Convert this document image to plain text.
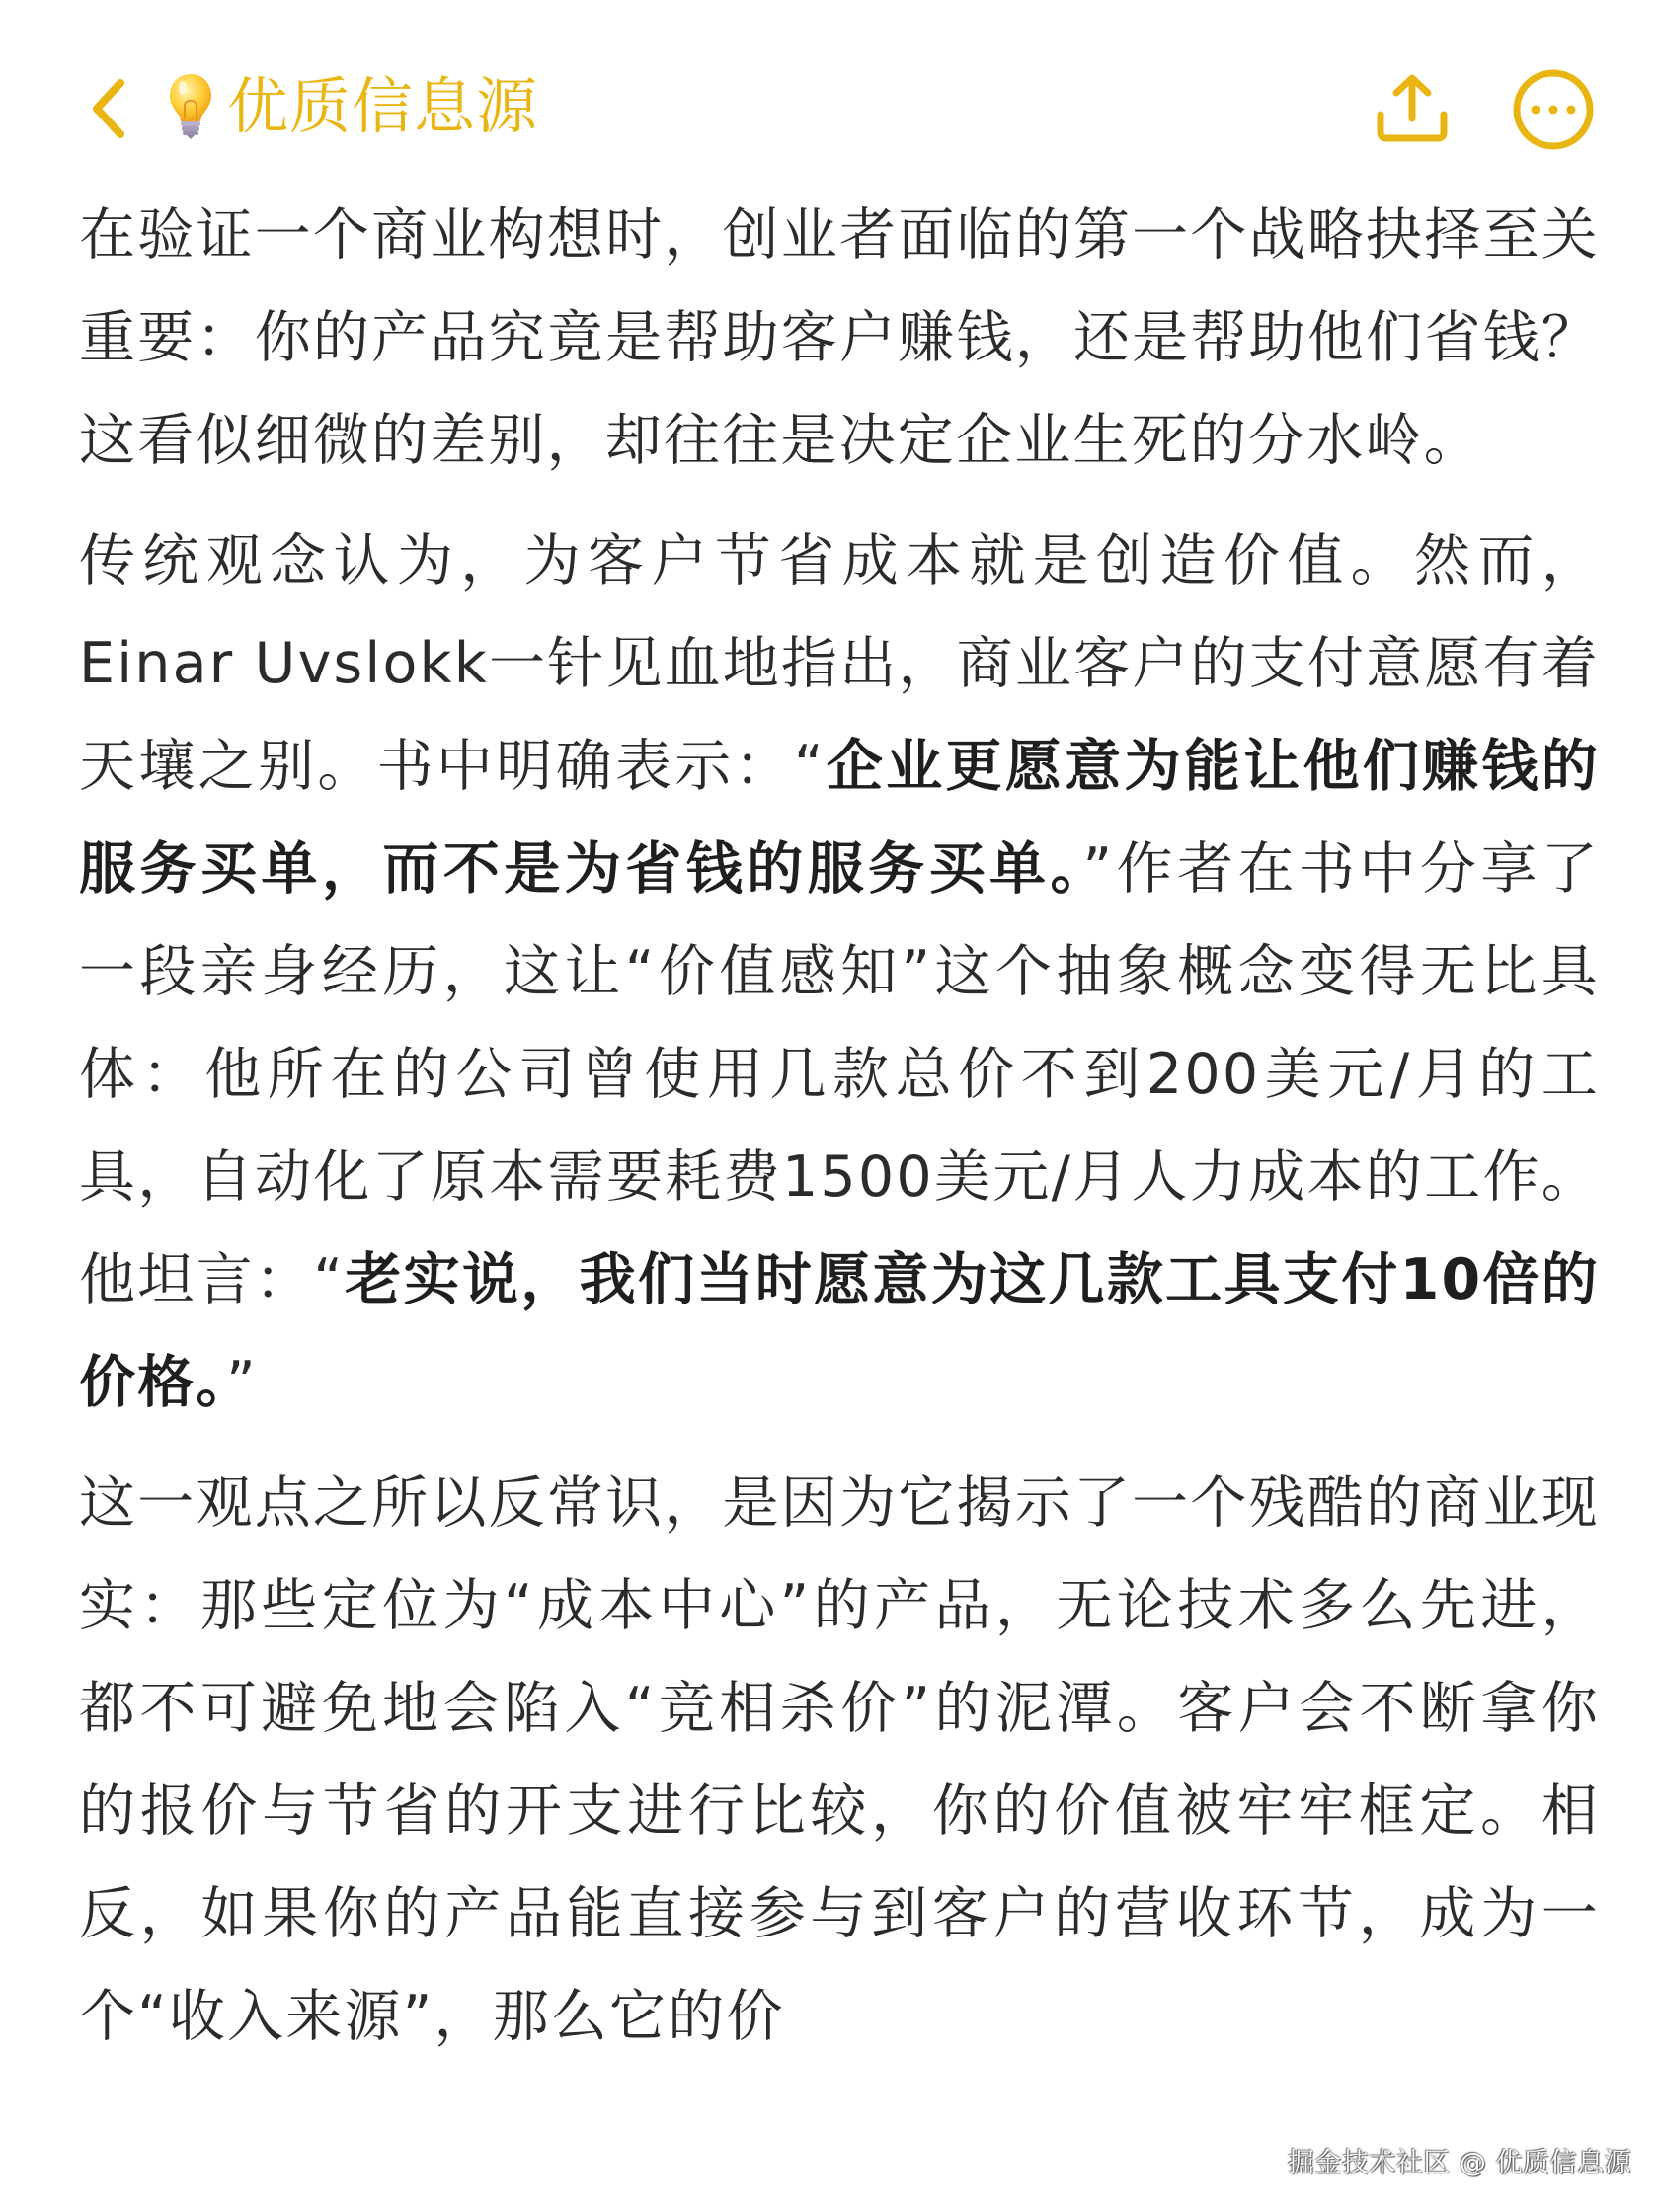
优质信息源

在验证一个商业构想时，创业者面临的第一个战略抉择至关重要：你的产品究竟是帮助客户赚钱，还是帮助他们省钱？这看似细微的差别，却往往是决定企业生死的分水岭。

传统观念认为，为客户节省成本就是创造价值。然而，Einar Uvslokk一针见血地指出，商业客户的支付意愿有着天壤之别。书中明确表示：“企业更愿意为能让他们赚钱的服务买单，而不是为省钱的服务买单。”作者在书中分享了一段亲身经历，这让“价值感知”这个抽象概念变得无比具体：他所在的公司曾使用几款总价不到200美元/月的工具，自动化了原本需要耗费1500美元/月人力成本的工作。他坦言：“老实说，我们当时愿意为这几款工具支付10倍的价格。”

这一观点之所以反常识，是因为它揭示了一个残酷的商业现实：那些定位为“成本中心”的产品，无论技术多么先进，都不可避免地会陷入“竞相杀价”的泥潭。客户会不断拿你的报价与节省的开支进行比较，你的价值被牢牢框定。相反，如果你的产品能直接参与到客户的营收环节，成为一个“收入来源”，那么它的价

掘金技术社区 @ 优质信息源
